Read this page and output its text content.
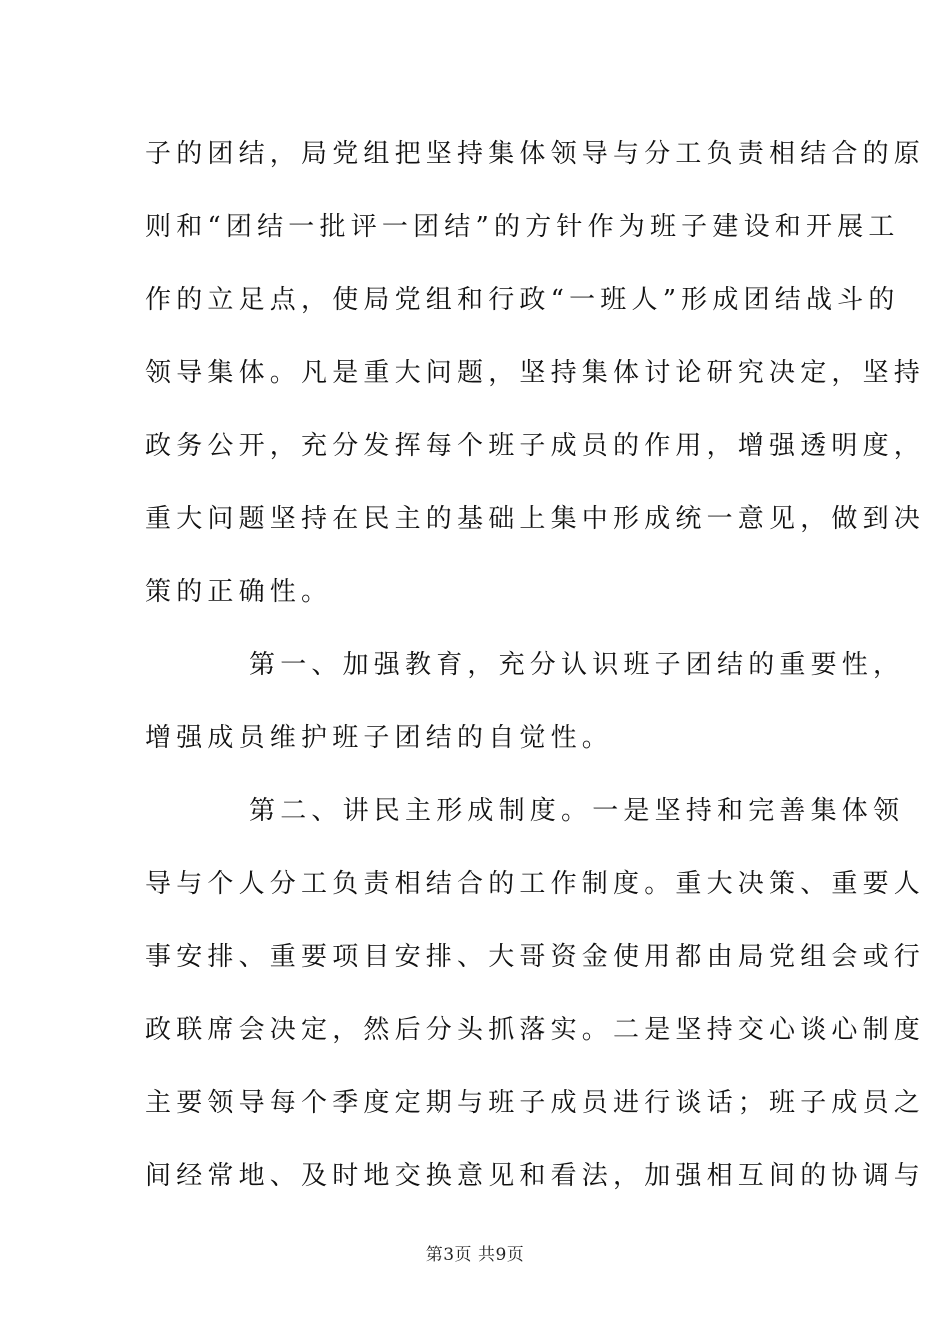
子的团结，局党组把坚持集体领导与分工负责相结合的原
则和“团结一批评一团结”的方针作为班子建设和开展工
作的立足点，使局党组和行政“一班人”形成团结战斗的
领导集体。凡是重大问题，坚持集体讨论研究决定，坚持
政务公开，充分发挥每个班子成员的作用，增强透明度，
重大问题坚持在民主的基础上集中形成统一意见，做到决
策的正确性。
第一、加强教育，充分认识班子团结的重要性，
增强成员维护班子团结的自觉性。
第二、讲民主形成制度。一是坚持和完善集体领
导与个人分工负责相结合的工作制度。重大决策、重要人
事安排、重要项目安排、大哥资金使用都由局党组会或行
政联席会决定，然后分头抓落实。二是坚持交心谈心制度
主要领导每个季度定期与班子成员进行谈话；班子成员之
间经常地、及时地交换意见和看法，加强相互间的协调与
第3页 共9页
